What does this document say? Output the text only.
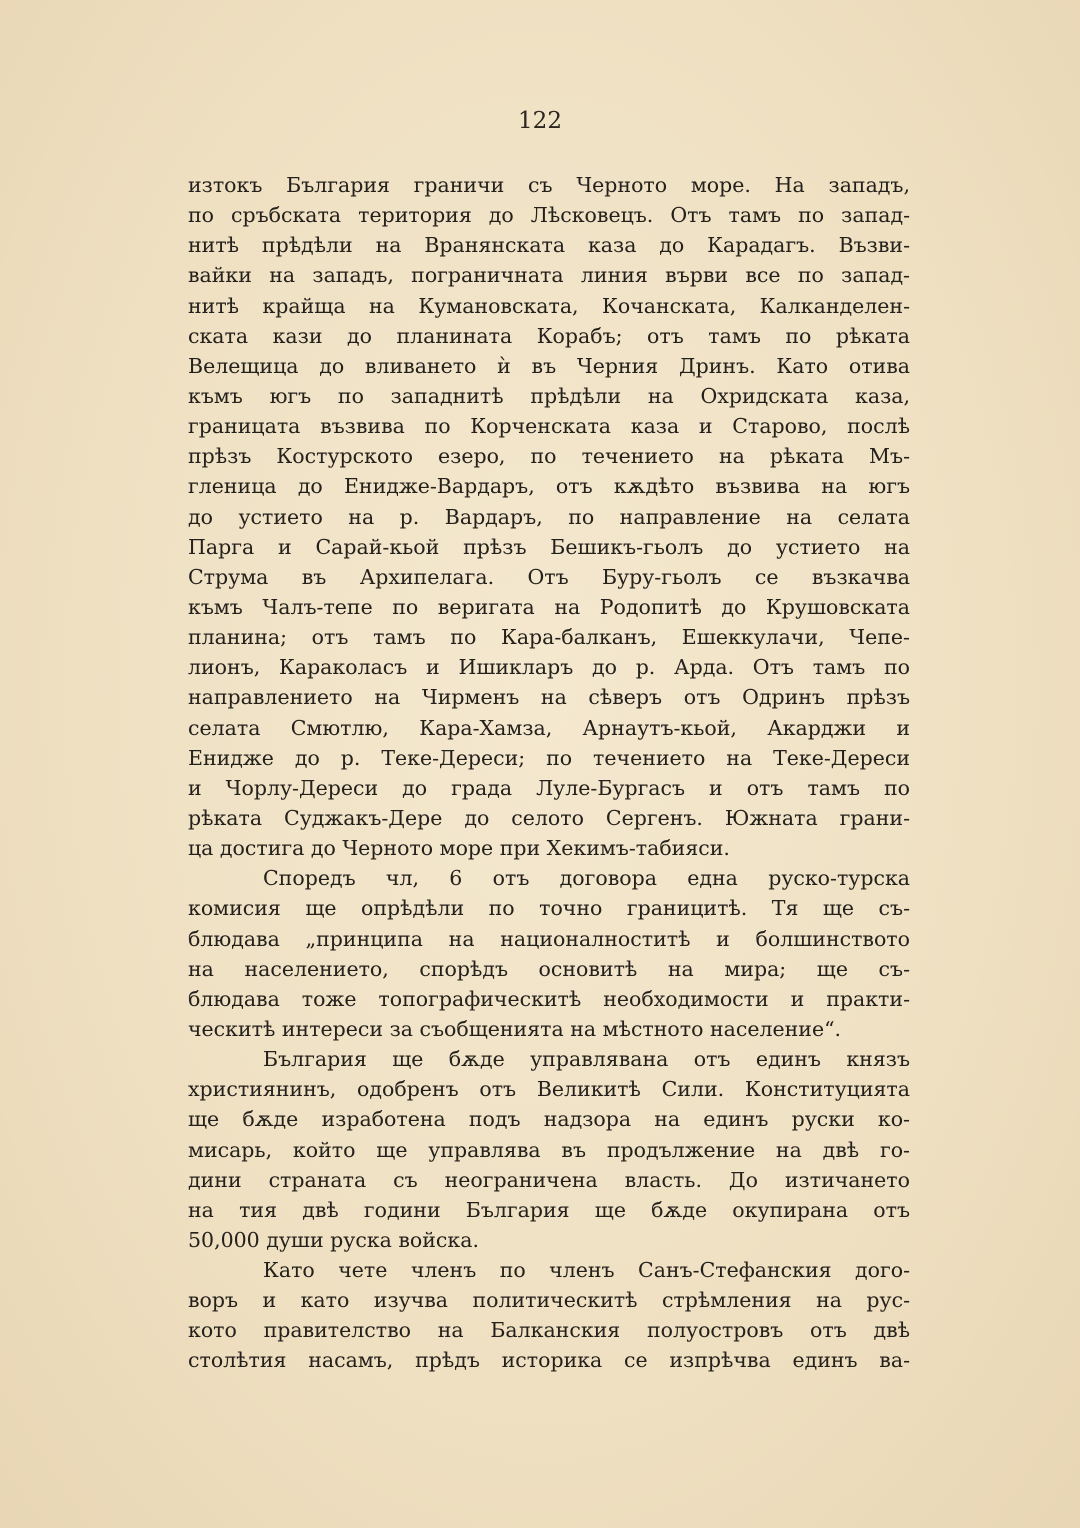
122
изтокъ България граничи съ Черното море. На западъ,
по сръбската територия до Лѣсковецъ. Отъ тамъ по запад-
нитѣ прѣдѣли на Вранянската каза до Карадагъ. Възви-
вайки на западъ, пограничната линия върви все по запад-
нитѣ крайща на Кумановската, Кочанската, Калканделен-
ската кази до планината Корабъ; отъ тамъ по рѣката
Велещица до вливането ѝ въ Черния Дринъ. Като отива
къмъ югъ по западнитѣ прѣдѣли на Охридската каза,
границата възвива по Корченската каза и Старово, послѣ
прѣзъ Костурското езеро, по течението на рѣката Мъ-
гленица до Енидже-Вардаръ, отъ кѫдѣто възвива на югъ
до устието на р. Вардаръ, по направление на селата
Парга и Сарай-кьой прѣзъ Бешикъ-гьолъ до устието на
Струма въ Архипелага. Отъ Буру-гьолъ се възкачва
къмъ Чалъ-тепе по веригата на Родопитѣ до Крушовската
планина; отъ тамъ по Кара-балканъ, Ешеккулачи, Чепе-
лионъ, Караколасъ и Ишикларъ до р. Арда. Отъ тамъ по
направлението на Чирменъ на сѣверъ отъ Одринъ прѣзъ
селата Смютлю, Кара-Хамза, Арнаутъ-кьой, Акарджи и
Енидже до р. Теке-Дереси; по течението на Теке-Дереси
и Чорлу-Дереси до града Луле-Бургасъ и отъ тамъ по
рѣката Суджакъ-Дере до селото Сергенъ. Южната грани-
ца достига до Черното море при Хекимъ-табияси.
Споредъ чл, 6 отъ договора една руско-турска
комисия ще опрѣдѣли по точно границитѣ. Тя ще съ-
блюдава „принципа на националноститѣ и болшинството
на населението, спорѣдъ основитѣ на мира; ще съ-
блюдава тоже топографическитѣ необходимости и практи-
ческитѣ интереси за съобщенията на мѣстното население“.
България ще бѫде управлявана отъ единъ князъ
християнинъ, одобренъ отъ Великитѣ Сили. Конституцията
ще бѫде изработена подъ надзора на единъ руски ко-
мисарь, който ще управлява въ продължение на двѣ го-
дини страната съ неограничена власть. До изтичането
на тия двѣ години България ще бѫде окупирана отъ
50,000 души руска войска.
Като чете членъ по членъ Санъ-Стефанския дого-
воръ и като изучва политическитѣ стрѣмления на рус-
кото правителство на Балканския полуостровъ отъ двѣ
столѣтия насамъ, прѣдъ историка се изпрѣчва единъ ва-
